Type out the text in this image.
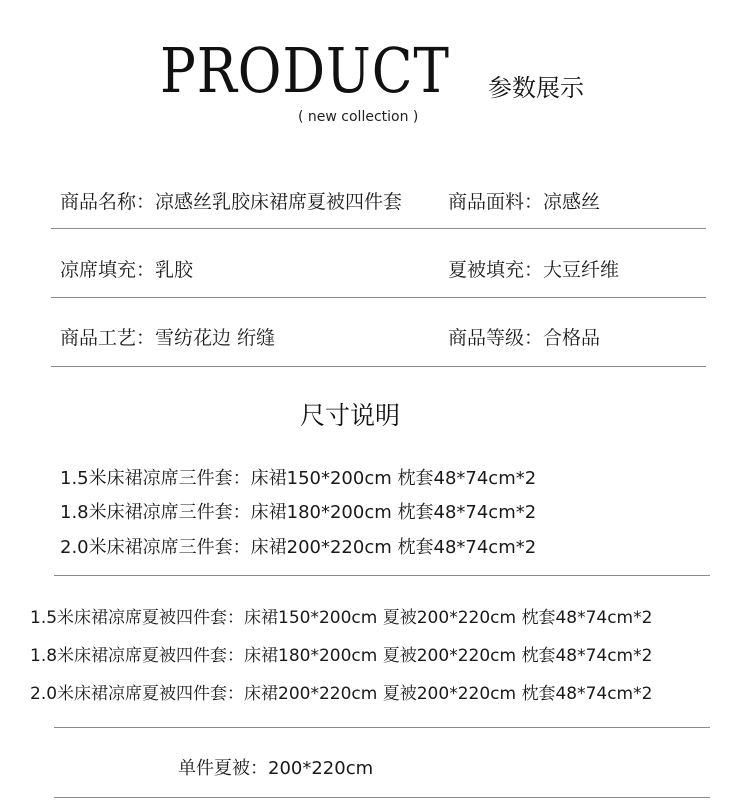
PRODUCT
( new collection )
参数展示
商品名称：凉感丝乳胶床裙席夏被四件套 商品面料：凉感丝
凉席填充：乳胶	夏被填充：大豆纤维
商品工艺：雪纺花边 绗缝	商品等级：合格品
尺寸说明
1.5米床裙凉席三件套：床裙150*200cm 枕套48*74cm*2
1.8米床裙凉席三件套：床裙180*200cm 枕套48*74cm*2
2.0米床裙凉席三件套：床裙200*220cm 枕套48*74cm*2
1.5米床裙凉席夏被四件套：床裙150*200cm 夏被200*220cm 枕套48*74cm*2
1.8米床裙凉席夏被四件套：床裙180*200cm 夏被200*220cm 枕套48*74cm*2
2.0米床裙凉席夏被四件套：床裙200*220cm 夏被200*220cm 枕套48*74cm*2
单件夏被：200*220cm
